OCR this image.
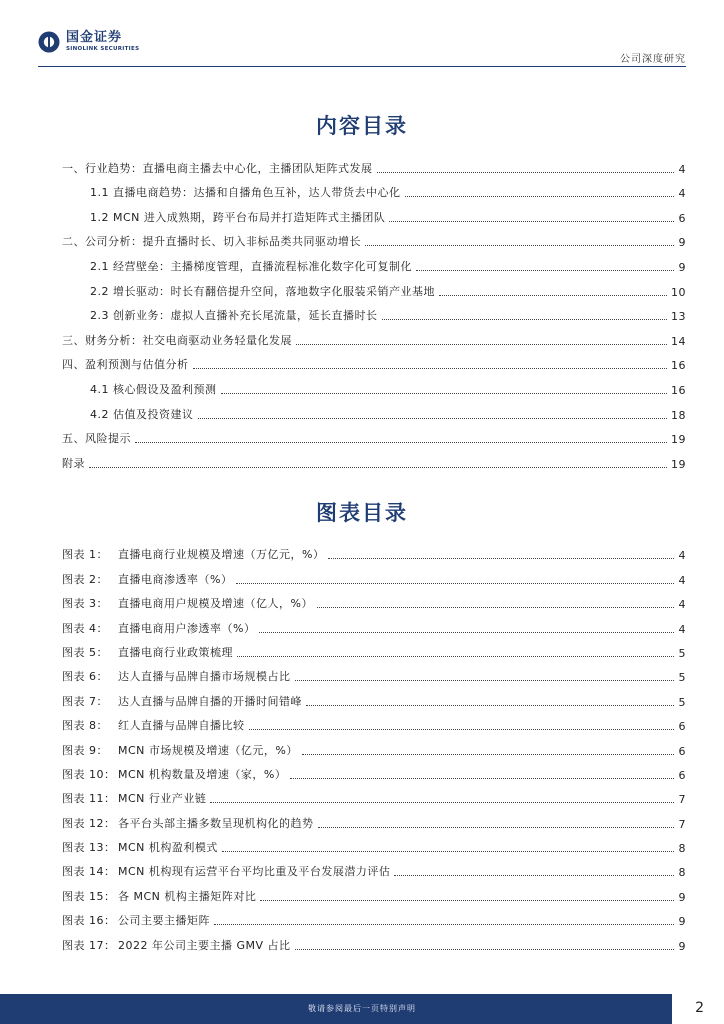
国金证券
SINOLINK SECURITIES
公司深度研究
内容目录
一、行业趋势：直播电商主播去中心化，主播团队矩阵式发展	4
1.1 直播电商趋势：达播和自播角色互补，达人带货去中心化	4
1.2 MCN 进入成熟期，跨平台布局并打造矩阵式主播团队	6
二、公司分析：提升直播时长、切入非标品类共同驱动增长	9
2.1 经营壁垒：主播梯度管理，直播流程标准化数字化可复制化	9
2.2 增长驱动：时长有翻倍提升空间，落地数字化服装采销产业基地	10
2.3 创新业务：虚拟人直播补充长尾流量，延长直播时长	13
三、财务分析：社交电商驱动业务轻量化发展	14
四、盈利预测与估值分析	16
4.1 核心假设及盈利预测	16
4.2 估值及投资建议	18
五、风险提示	19
附录	19
图表目录
图表 1： 直播电商行业规模及增速（万亿元，%）	4
图表 2： 直播电商渗透率（%）	4
图表 3： 直播电商用户规模及增速（亿人，%）	4
图表 4： 直播电商用户渗透率（%）	4
图表 5： 直播电商行业政策梳理	5
图表 6： 达人直播与品牌自播市场规模占比	5
图表 7： 达人直播与品牌自播的开播时间错峰	5
图表 8： 红人直播与品牌自播比较	6
图表 9： MCN 市场规模及增速（亿元，%）	6
图表 10： MCN 机构数量及增速（家，%）	6
图表 11： MCN 行业产业链	7
图表 12： 各平台头部主播多数呈现机构化的趋势	7
图表 13： MCN 机构盈利模式	8
图表 14： MCN 机构现有运营平台平均比重及平台发展潜力评估	8
图表 15： 各 MCN 机构主播矩阵对比	9
图表 16： 公司主要主播矩阵	9
图表 17： 2022 年公司主要主播 GMV 占比	9
敬请参阅最后一页特别声明	2
